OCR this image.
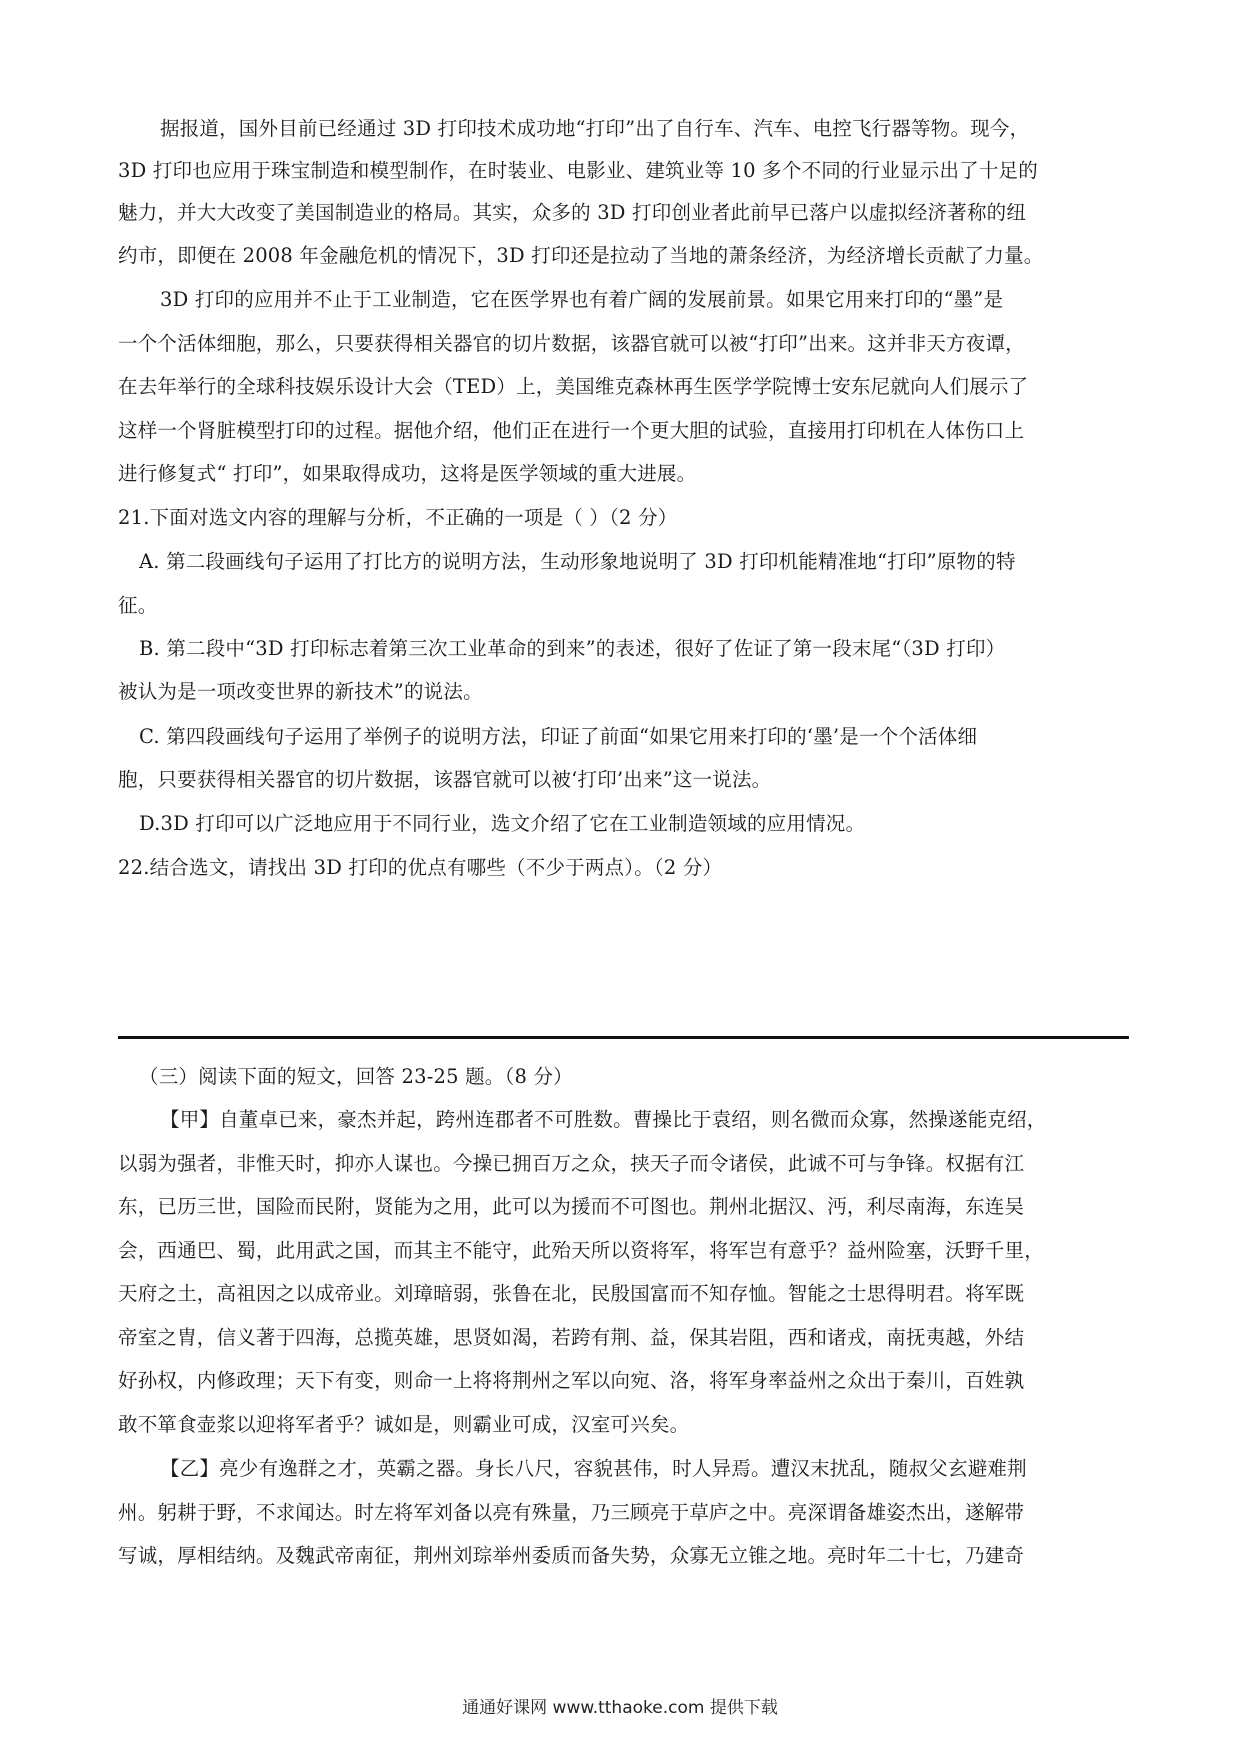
据报道，国外目前已经通过 3D 打印技术成功地“打印”出了自行车、汽车、电控飞行器等物。现今，
3D 打印也应用于珠宝制造和模型制作，在时装业、电影业、建筑业等 10 多个不同的行业显示出了十足的
魅力，并大大改变了美国制造业的格局。其实，众多的 3D 打印创业者此前早已落户以虚拟经济著称的纽
约市，即便在 2008 年金融危机的情况下，3D 打印还是拉动了当地的萧条经济，为经济增长贡献了力量。
3D 打印的应用并不止于工业制造，它在医学界也有着广阔的发展前景。如果它用来打印的“墨”是
一个个活体细胞，那么，只要获得相关器官的切片数据，该器官就可以被“打印”出来。这并非天方夜谭，
在去年举行的全球科技娱乐设计大会（TED）上，美国维克森林再生医学学院博士安东尼就向人们展示了
这样一个肾脏模型打印的过程。据他介绍，他们正在进行一个更大胆的试验，直接用打印机在人体伤口上
进行修复式“ 打印”，如果取得成功，这将是医学领域的重大进展。
21.下面对选文内容的理解与分析，不正确的一项是（ ）（2 分）
A. 第二段画线句子运用了打比方的说明方法，生动形象地说明了 3D 打印机能精准地“打印”原物的特
征。
B. 第二段中“3D 打印标志着第三次工业革命的到来”的表述，很好了佐证了第一段末尾“（3D 打印）
被认为是一项改变世界的新技术”的说法。
C. 第四段画线句子运用了举例子的说明方法，印证了前面“如果它用来打印的‘墨’是一个个活体细
胞，只要获得相关器官的切片数据，该器官就可以被‘打印’出来”这一说法。
D.3D 打印可以广泛地应用于不同行业，选文介绍了它在工业制造领域的应用情况。
22.结合选文，请找出 3D 打印的优点有哪些（不少于两点）。（2 分）
（三）阅读下面的短文，回答 23-25 题。（8 分）
【甲】自董卓已来，豪杰并起，跨州连郡者不可胜数。曹操比于袁绍，则名微而众寡，然操遂能克绍，
以弱为强者，非惟天时，抑亦人谋也。今操已拥百万之众，挟天子而令诸侯，此诚不可与争锋。权据有江
东，已历三世，国险而民附，贤能为之用，此可以为援而不可图也。荆州北据汉、沔，利尽南海，东连吴
会，西通巴、蜀，此用武之国，而其主不能守，此殆天所以资将军，将军岂有意乎？益州险塞，沃野千里，
天府之土，高祖因之以成帝业。刘璋暗弱，张鲁在北，民殷国富而不知存恤。智能之士思得明君。将军既
帝室之胄，信义著于四海，总揽英雄，思贤如渴，若跨有荆、益，保其岩阻，西和诸戎，南抚夷越，外结
好孙权，内修政理；天下有变，则命一上将将荆州之军以向宛、洛，将军身率益州之众出于秦川，百姓孰
敢不箪食壶浆以迎将军者乎？诚如是，则霸业可成，汉室可兴矣。
【乙】亮少有逸群之才，英霸之器。身长八尺，容貌甚伟，时人异焉。遭汉末扰乱，随叔父玄避难荆
州。躬耕于野，不求闻达。时左将军刘备以亮有殊量，乃三顾亮于草庐之中。亮深谓备雄姿杰出，遂解带
写诚，厚相结纳。及魏武帝南征，荆州刘琮举州委质而备失势，众寡无立锥之地。亮时年二十七，乃建奇
通通好课网 www.tthaoke.com 提供下载
